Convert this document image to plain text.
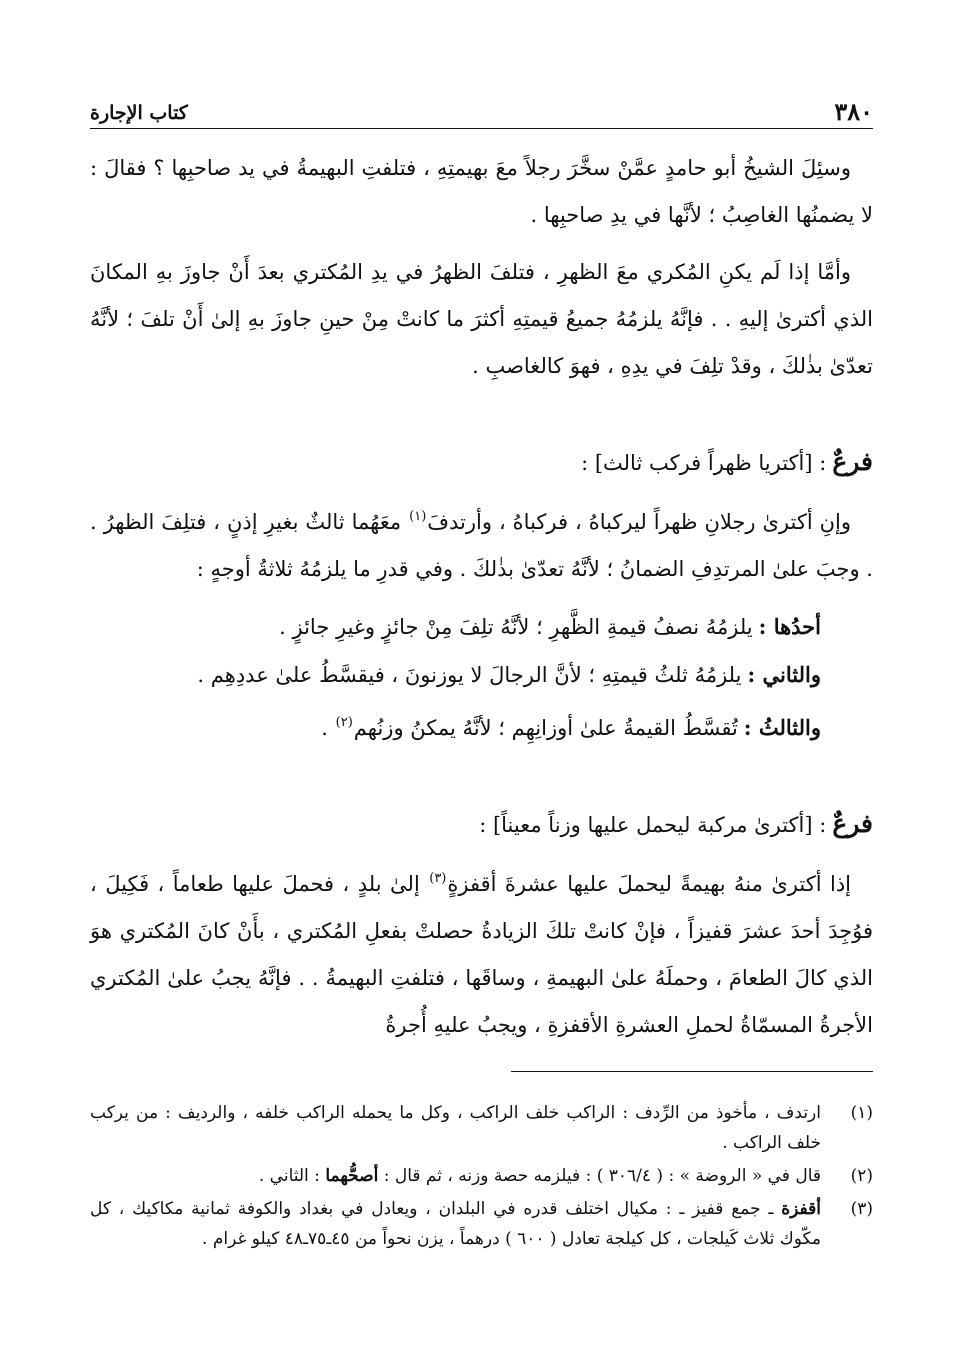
٣٨٠
كتاب الإجارة

وسئِلَ الشيخُ أبو حامدٍ عمَّنْ سخَّرَ رجلاً معَ بهيمتِهِ ، فتلفتِ البهيمةُ في يد صاحبِها ؟ فقالَ : لا يضمنُها الغاصِبُ ؛ لأنَّها في يدِ صاحبِها .

وأمَّا إذا لَم يكنِ المُكري معَ الظهرِ ، فتلفَ الظهرُ في يدِ المُكتري بعدَ أَنْ جاوزَ بهِ المكانَ الذي أكترىٰ إليهِ . . فإنَّهُ يلزمُهُ جميعُ قيمتِهِ أكثرَ ما كانتْ مِنْ حينِ جاوزَ بهِ إلىٰ أَنْ تلفَ ؛ لأنَّهُ تعدّىٰ بذٰلكَ ، وقدْ تلِفَ في يدِهِ ، فهوَ كالغاصبِ .

فرعٌ: [أكتريا ظهراً فركب ثالث] :

وإنِ أكترىٰ رجلانِ ظهراً ليركباهُ ، فركباهُ ، وأرتدفَ$^{(١)}$ معَهُما ثالثٌ بغيرِ إذنٍ ، فتلِفَ الظهرُ . . وجبَ علىٰ المرتدِفِ الضمانُ ؛ لأنَّهُ تعدّىٰ بذٰلكَ . وفي قدرِ ما يلزمُهُ ثلاثةُ أوجهٍ :

أحدُها :يلزمُهُ نصفُ قيمةِ الظَّهرِ ؛ لأنَّهُ تلِفَ مِنْ جائزٍ وغيرِ جائزٍ .

والثاني :يلزمُهُ ثلثُ قيمتِهِ ؛ لأنَّ الرجالَ لا يوزنونَ ، فيقسَّطُ علىٰ عددِهِم .

والثالثُ :تُقسَّطُ القيمةُ علىٰ أوزانِهِم ؛ لأنَّهُ يمكنُ وزنُهم$^{(٢)}$ .

فرعٌ: [أكترىٰ مركبة ليحمل عليها وزناً معيناً] :

إذا أكترىٰ منهُ بهيمةً ليحملَ عليها عشرةَ أقفزةٍ$^{(٣)}$ إلىٰ بلدٍ ، فحملَ عليها طعاماً ، فَكِيلَ ، فوُجِدَ أحدَ عشرَ قفيزاً ، فإنْ كانتْ تلكَ الزيادةُ حصلتْ بفعلِ المُكتري ، بأَنْ كانَ المُكتري هوَ الذي كالَ الطعامَ ، وحملَهُ علىٰ البهيمةِ ، وساقَها ، فتلفتِ البهيمةُ . . فإنَّهُ يجبُ علىٰ المُكتري الأجرةُ المسمّاةُ لحملِ العشرةِ الأقفزةِ ، ويجبُ عليهِ أُجرةُ

(١)
ارتدف ، مأخوذ من الرِّدف : الراكب خلف الراكب ، وكل ما يحمله الراكب خلفه ، والرديف : من يركب خلف الراكب .
(٢)
قال في « الروضة » : ( ٣٠٦/٤ ) : فيلزمه حصة وزنه ، ثم قال : أصحُّهما : الثاني .
(٣)
أقفزة ـ جمع قفيز ـ : مكيال اختلف قدره في البلدان ، ويعادل في بغداد والكوفة ثمانية مكاكيك ، كل مكّوك ثلاث كَيلجات ، كل كيلجة تعادل ( ٦٠٠ ) درهماً ، يزن نحواً من ٤٥ـ٧٥ـ٤٨ كيلو غرام .
